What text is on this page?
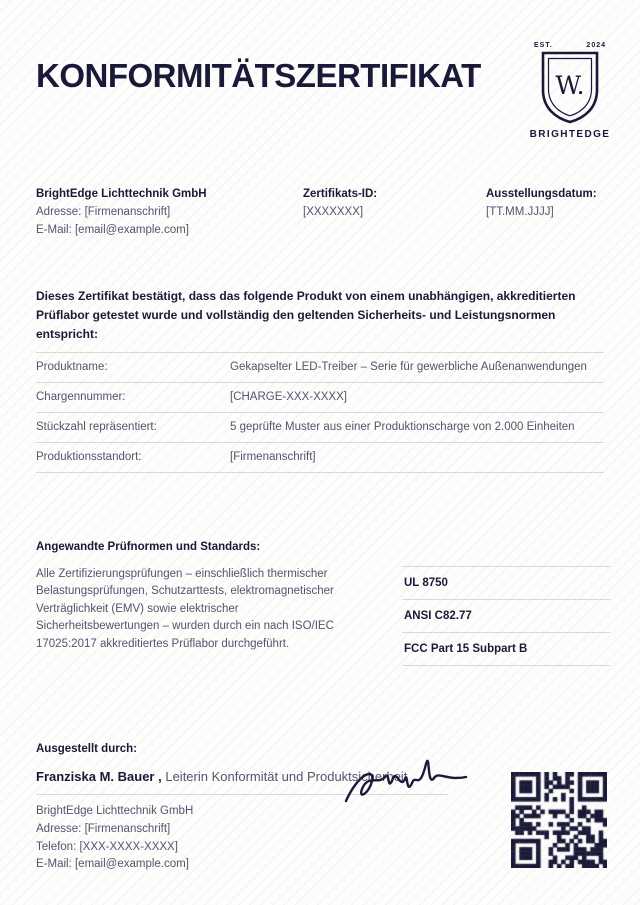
KONFORMITÄTSZERTIFIKAT
EST.	2024
W.
BRIGHTEDGE
BrightEdge Lichttechnik GmbH
Adresse: [Firmenanschrift]
E-Mail: [email@example.com]
Zertifikats-ID:
[XXXXXXX]
Ausstellungsdatum:
[TT.MM.JJJJ]

Dieses Zertifikat bestätigt, dass das folgende Produkt von einem unabhängigen, akkreditierten Prüflabor getestet wurde und vollständig den geltenden Sicherheits- und Leistungsnormen entspricht:

Produktname:	Gekapselter LED-Treiber – Serie für gewerbliche Außenanwendungen
Chargennummer:	[CHARGE-XXX-XXXX]
Stückzahl repräsentiert:	5 geprüfte Muster aus einer Produktionscharge von 2.000 Einheiten
Produktionsstandort:	[Firmenanschrift]
Angewandte Prüfnormen und Standards:

Alle Zertifizierungsprüfungen – einschließlich thermischer Belastungsprüfungen, Schutzarttests, elektromagnetischer Verträglichkeit (EMV) sowie elektrischer Sicherheitsbewertungen – wurden durch ein nach ISO/IEC 17025:2017 akkreditiertes Prüflabor durchgeführt.

UL 8750
ANSI C82.77
FCC Part 15 Subpart B
Ausgestellt durch:
Franziska M. Bauer , Leiterin Konformität und Produktsicherheit
BrightEdge Lichttechnik GmbH
Adresse: [Firmenanschrift]
Telefon: [XXX-XXXX-XXXX]
E-Mail: [email@example.com]
